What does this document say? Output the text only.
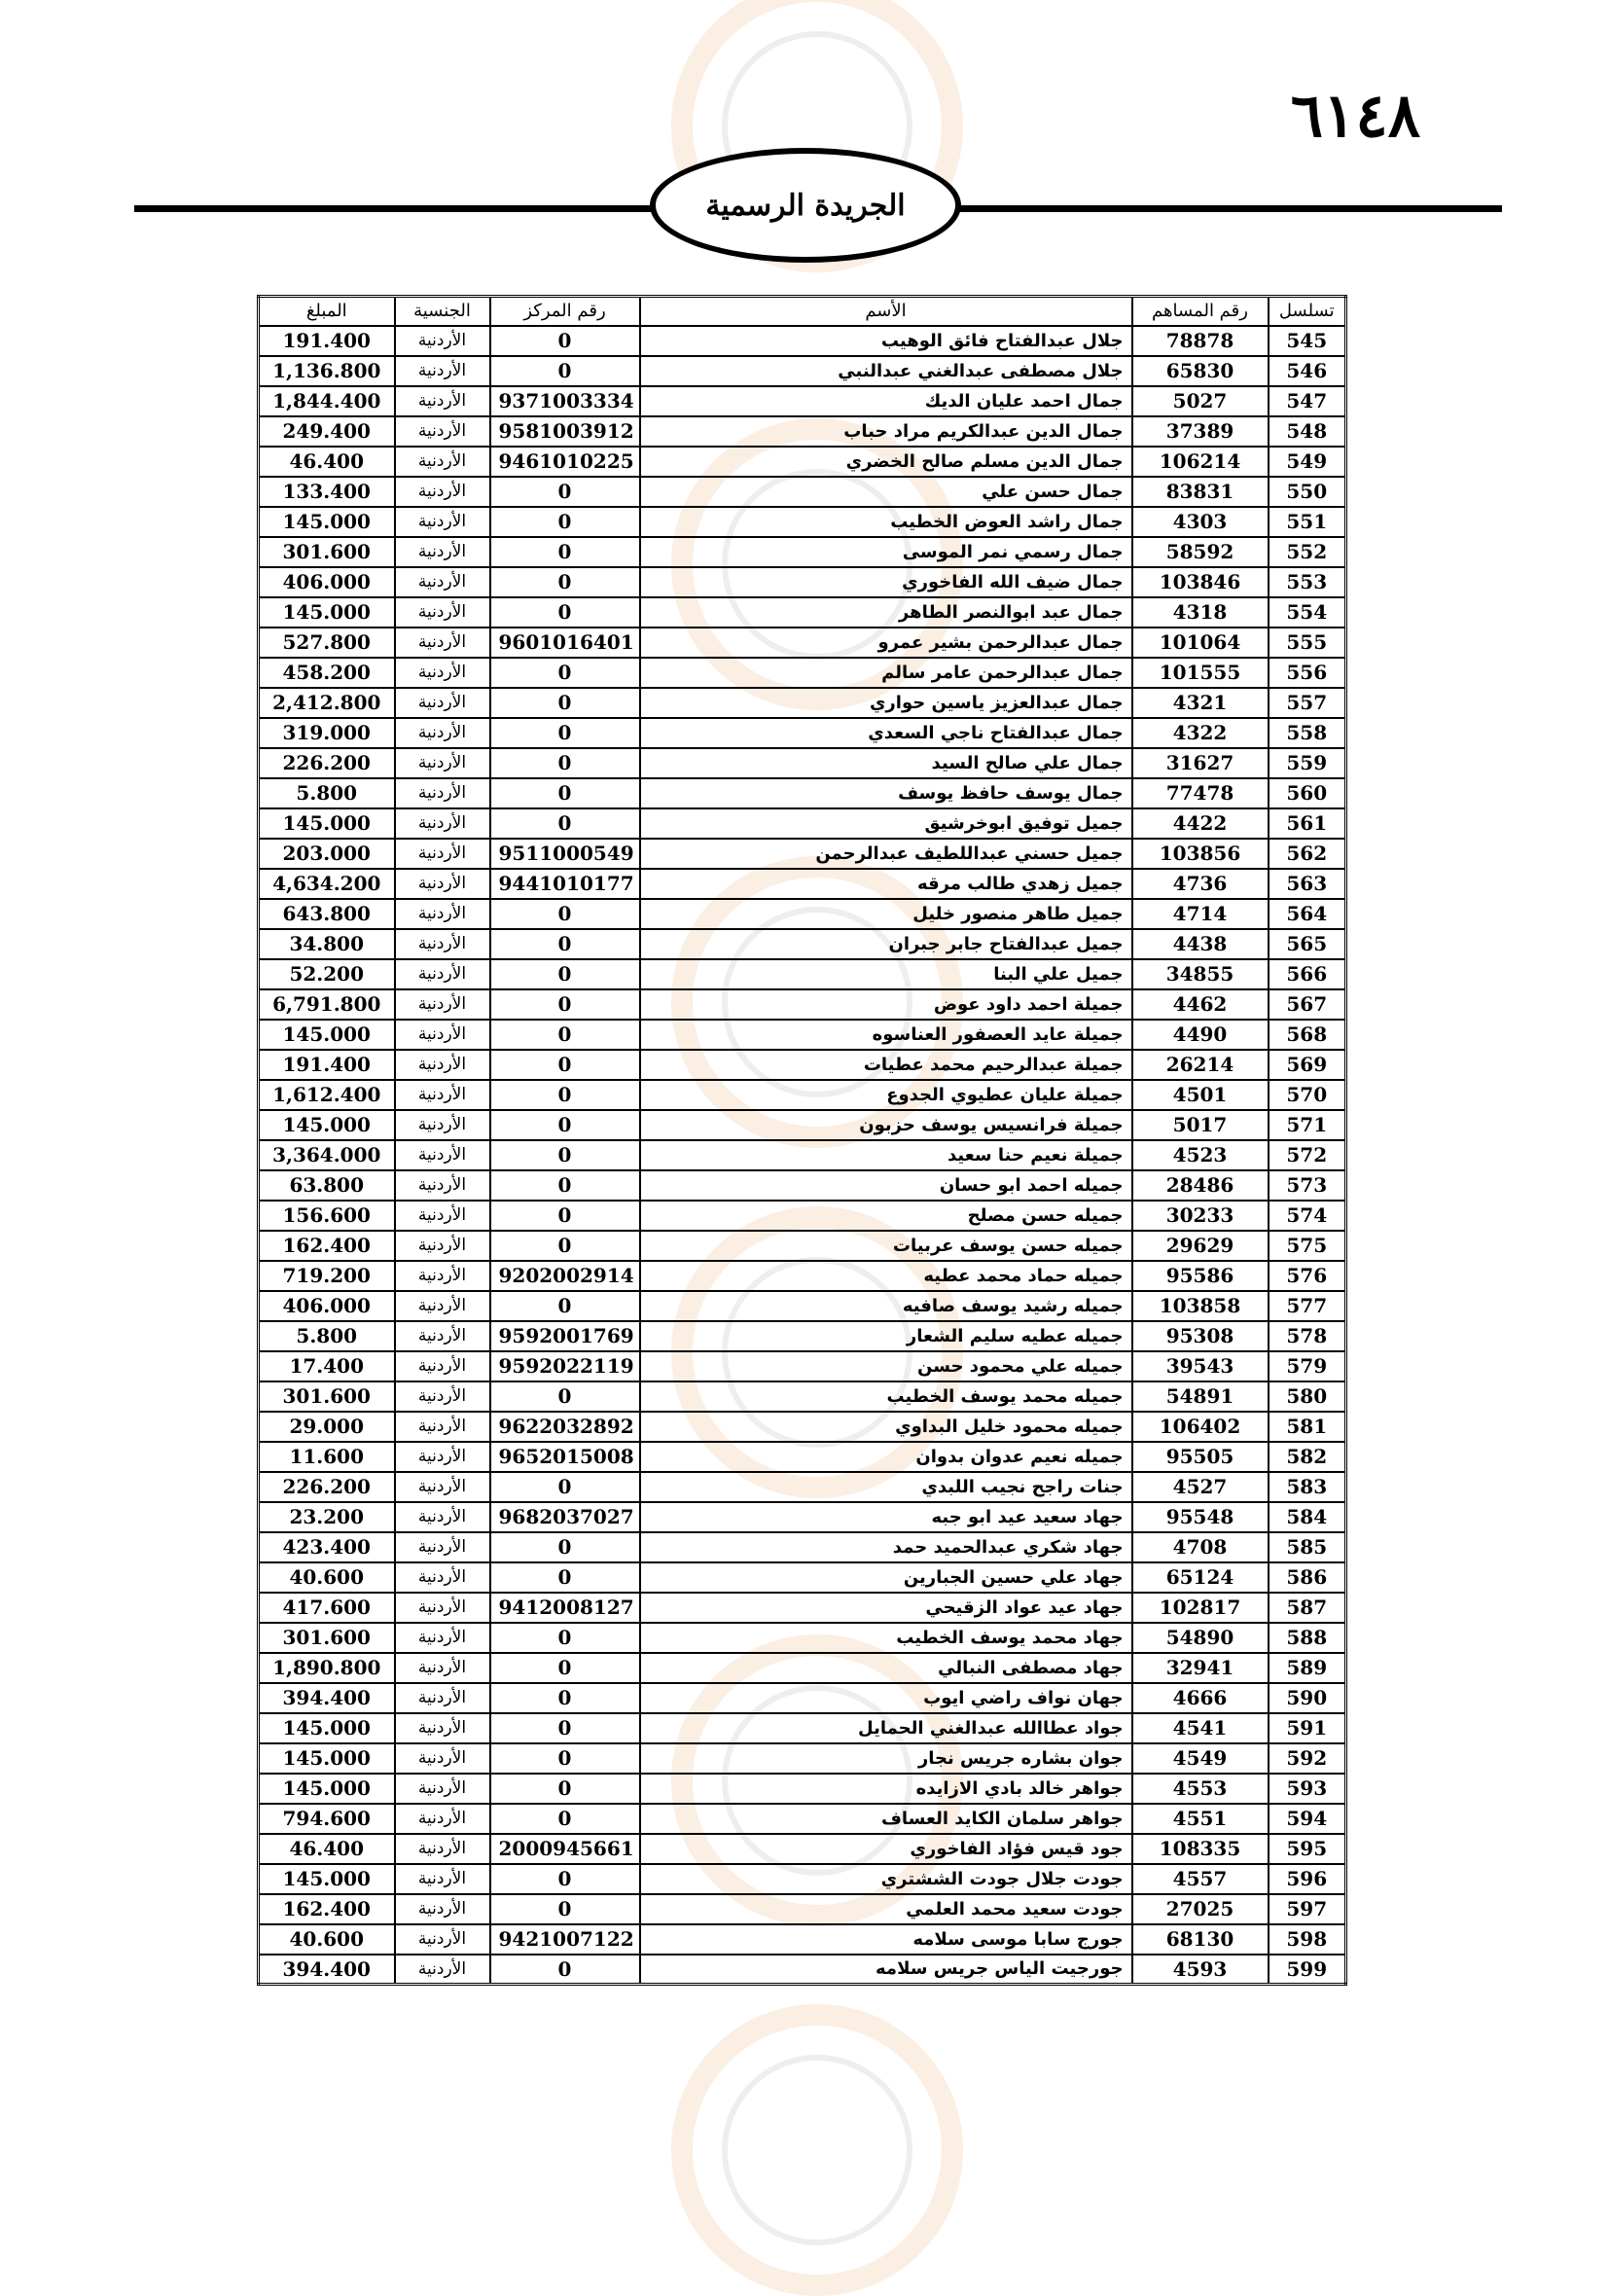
٦١٤٨
الجريدة الرسمية
تسلسل	رقم المساهم	الأسم	رقم المركز	الجنسية	المبلغ
545	78878	جلال عبدالفتاح فائق الوهيب	0	الأردنية	191.400
546	65830	جلال مصطفى عبدالغني عبدالنبي	0	الأردنية	1,136.800
547	5027	جمال احمد عليان الديك	9371003334	الأردنية	1,844.400
548	37389	جمال الدين عبدالكريم مراد حباب	9581003912	الأردنية	249.400
549	106214	جمال الدين مسلم صالح الخضري	9461010225	الأردنية	46.400
550	83831	جمال حسن علي	0	الأردنية	133.400
551	4303	جمال راشد العوض الخطيب	0	الأردنية	145.000
552	58592	جمال رسمي نمر الموسى	0	الأردنية	301.600
553	103846	جمال ضيف الله الفاخوري	0	الأردنية	406.000
554	4318	جمال عبد ابوالنصر الطاهر	0	الأردنية	145.000
555	101064	جمال عبدالرحمن بشير عمرو	9601016401	الأردنية	527.800
556	101555	جمال عبدالرحمن عامر سالم	0	الأردنية	458.200
557	4321	جمال عبدالعزيز ياسين حواري	0	الأردنية	2,412.800
558	4322	جمال عبدالفتاح ناجي السعدي	0	الأردنية	319.000
559	31627	جمال علي صالح السيد	0	الأردنية	226.200
560	77478	جمال يوسف حافظ يوسف	0	الأردنية	5.800
561	4422	جميل توفيق ابوخرشيق	0	الأردنية	145.000
562	103856	جميل حسني عبداللطيف عبدالرحمن	9511000549	الأردنية	203.000
563	4736	جميل زهدي طالب مرقه	9441010177	الأردنية	4,634.200
564	4714	جميل طاهر منصور خليل	0	الأردنية	643.800
565	4438	جميل عبدالفتاح جابر جبران	0	الأردنية	34.800
566	34855	جميل علي البنا	0	الأردنية	52.200
567	4462	جميلة احمد داود عوض	0	الأردنية	6,791.800
568	4490	جميلة عايد العصفور العناسوه	0	الأردنية	145.000
569	26214	جميلة عبدالرحيم محمد عطيات	0	الأردنية	191.400
570	4501	جميلة عليان عطيوي الجدوع	0	الأردنية	1,612.400
571	5017	جميلة فرانسيس يوسف حزبون	0	الأردنية	145.000
572	4523	جميلة نعيم حنا سعيد	0	الأردنية	3,364.000
573	28486	جميله احمد ابو حسان	0	الأردنية	63.800
574	30233	جميله حسن مصلح	0	الأردنية	156.600
575	29629	جميله حسن يوسف عربيات	0	الأردنية	162.400
576	95586	جميله حماد محمد عطيه	9202002914	الأردنية	719.200
577	103858	جميله رشيد يوسف صافيه	0	الأردنية	406.000
578	95308	جميله عطيه سليم الشعار	9592001769	الأردنية	5.800
579	39543	جميله علي محمود حسن	9592022119	الأردنية	17.400
580	54891	جميله محمد يوسف الخطيب	0	الأردنية	301.600
581	106402	جميله محمود خليل البداوي	9622032892	الأردنية	29.000
582	95505	جميله نعيم عدوان بدوان	9652015008	الأردنية	11.600
583	4527	جنات راجح نجيب اللبدي	0	الأردنية	226.200
584	95548	جهاد سعيد عيد ابو جبه	9682037027	الأردنية	23.200
585	4708	جهاد شكري عبدالحميد حمد	0	الأردنية	423.400
586	65124	جهاد علي حسين الجبارين	0	الأردنية	40.600
587	102817	جهاد عيد عواد الزقيحي	9412008127	الأردنية	417.600
588	54890	جهاد محمد يوسف الخطيب	0	الأردنية	301.600
589	32941	جهاد مصطفى النبالي	0	الأردنية	1,890.800
590	4666	جهان نواف راضي ايوب	0	الأردنية	394.400
591	4541	جواد عطاالله عبدالغني الحمايل	0	الأردنية	145.000
592	4549	جوان بشاره جريس نجار	0	الأردنية	145.000
593	4553	جواهر خالد بادي الازايده	0	الأردنية	145.000
594	4551	جواهر سلمان الكايد العساف	0	الأردنية	794.600
595	108335	جود قيس فؤاد الفاخوري	2000945661	الأردنية	46.400
596	4557	جودت جلال جودت الششتري	0	الأردنية	145.000
597	27025	جودت سعيد محمد العلمي	0	الأردنية	162.400
598	68130	جورج سابا موسى سلامه	9421007122	الأردنية	40.600
599	4593	جورجيت الياس جريس سلامه	0	الأردنية	394.400
